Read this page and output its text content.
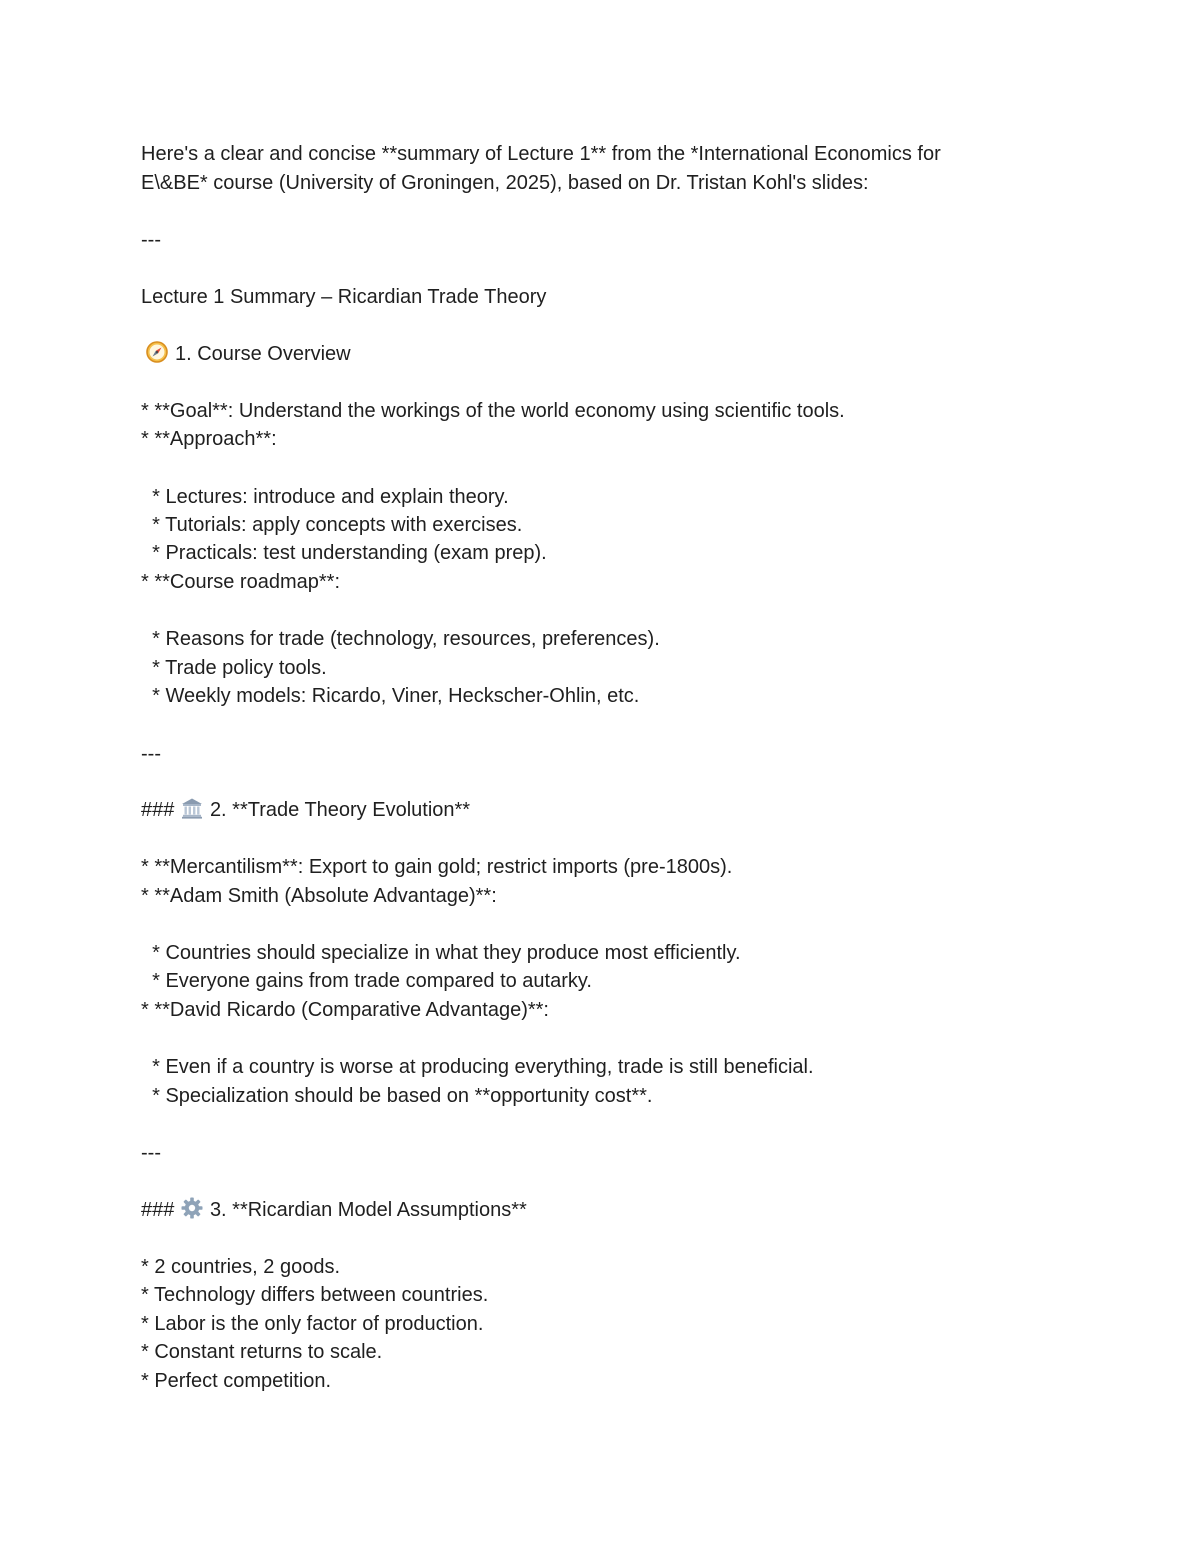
Here's a clear and concise **summary of Lecture 1** from the *International Economics for
E\&BE* course (University of Groningen, 2025), based on Dr. Tristan Kohl's slides:
---
Lecture 1 Summary – Ricardian Trade Theory
1. Course Overview
* **Goal**: Understand the workings of the world economy using scientific tools.
* **Approach**:
* Lectures: introduce and explain theory.
* Tutorials: apply concepts with exercises.
* Practicals: test understanding (exam prep).
* **Course roadmap**:
* Reasons for trade (technology, resources, preferences).
* Trade policy tools.
* Weekly models: Ricardo, Viner, Heckscher-Ohlin, etc.
---
### 2. **Trade Theory Evolution**
* **Mercantilism**: Export to gain gold; restrict imports (pre-1800s).
* **Adam Smith (Absolute Advantage)**:
* Countries should specialize in what they produce most efficiently.
* Everyone gains from trade compared to autarky.
* **David Ricardo (Comparative Advantage)**:
* Even if a country is worse at producing everything, trade is still beneficial.
* Specialization should be based on **opportunity cost**.
---
### 3. **Ricardian Model Assumptions**
* 2 countries, 2 goods.
* Technology differs between countries.
* Labor is the only factor of production.
* Constant returns to scale.
* Perfect competition.
